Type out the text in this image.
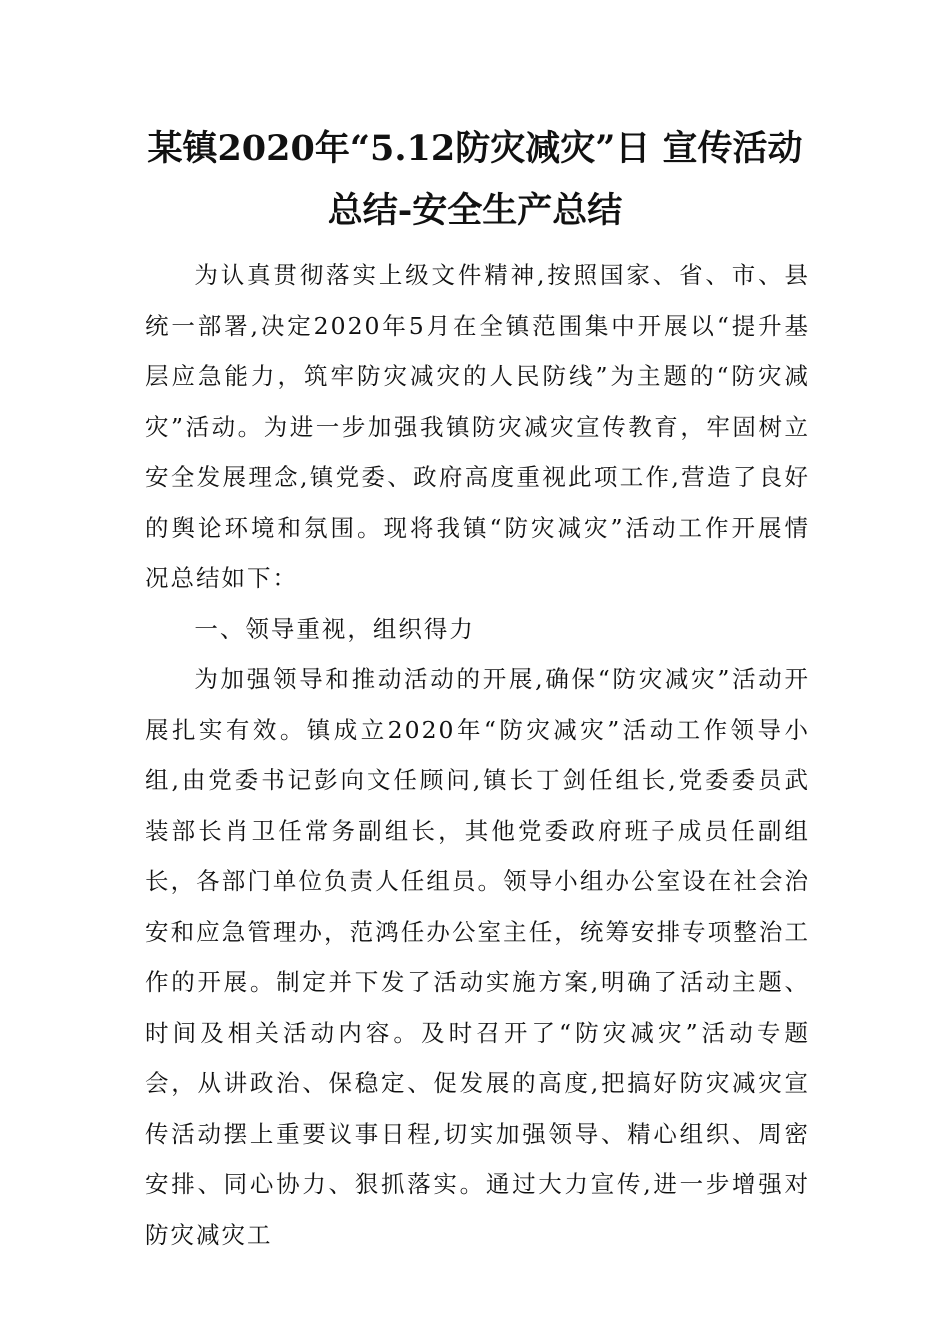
某镇2020年“5.12防灾减灾”日 宣传活动
总结-安全生产总结

为认真贯彻落实上级文件精神,按照国家、省、市、县统一部署,决定2020年5月在全镇范围集中开展以“提升基层应急能力，筑牢防灾减灾的人民防线”为主题的“防灾减灾”活动。为进一步加强我镇防灾减灾宣传教育，牢固树立安全发展理念,镇党委、政府高度重视此项工作,营造了良好的舆论环境和氛围。现将我镇“防灾减灾”活动工作开展情况总结如下：

一、领导重视，组织得力

为加强领导和推动活动的开展,确保“防灾减灾”活动开展扎实有效。镇成立2020年“防灾减灾”活动工作领导小组,由党委书记彭向文任顾问,镇长丁剑任组长,党委委员武装部长肖卫任常务副组长，其他党委政府班子成员任副组长，各部门单位负责人任组员。领导小组办公室设在社会治安和应急管理办，范鸿任办公室主任，统筹安排专项整治工作的开展。制定并下发了活动实施方案,明确了活动主题、时间及相关活动内容。及时召开了“防灾减灾”活动专题会，从讲政治、保稳定、促发展的高度,把搞好防灾减灾宣传活动摆上重要议事日程,切实加强领导、精心组织、周密安排、同心协力、狠抓落实。通过大力宣传,进一步增强对防灾减灾工
